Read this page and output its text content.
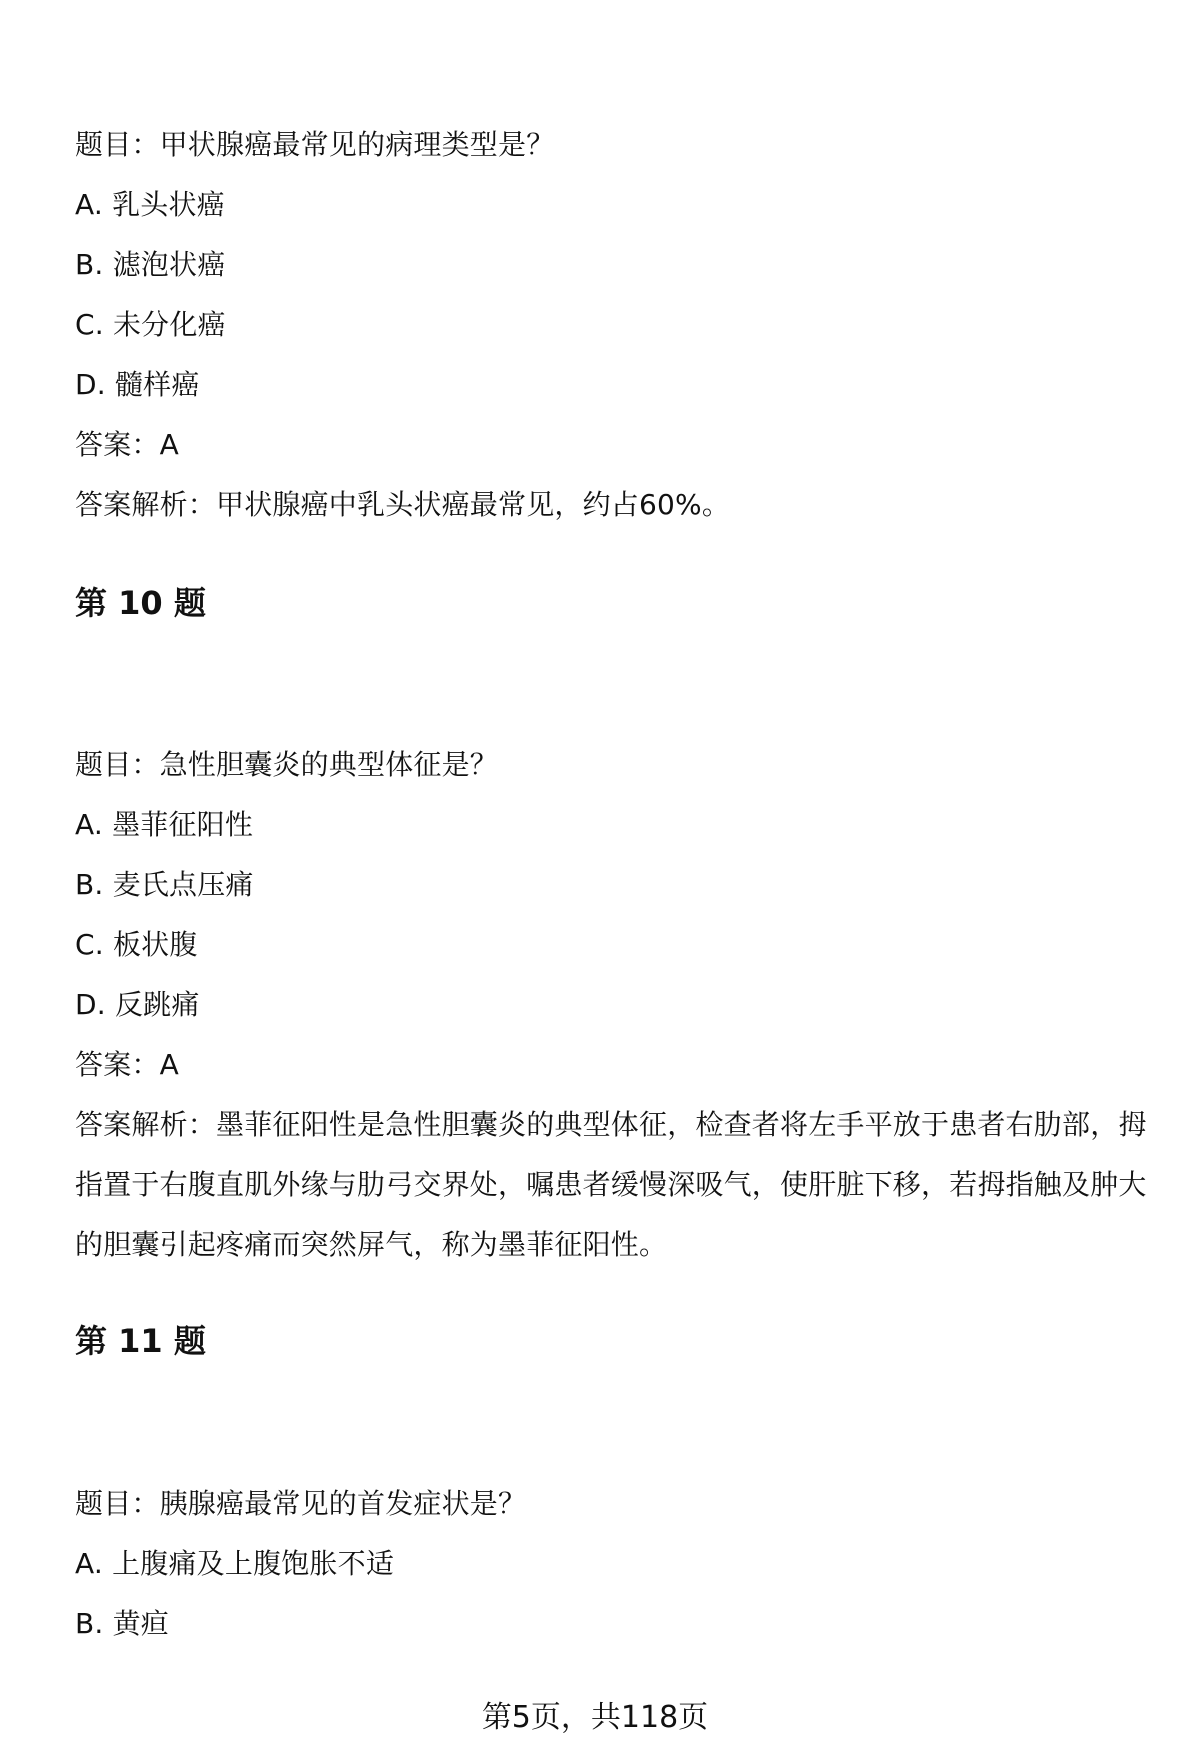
题目：甲状腺癌最常见的病理类型是？
A. 乳头状癌
B. 滤泡状癌
C. 未分化癌
D. 髓样癌
答案：A
答案解析：甲状腺癌中乳头状癌最常见，约占60%。
第 10 题
题目：急性胆囊炎的典型体征是？
A. 墨菲征阳性
B. 麦氏点压痛
C. 板状腹
D. 反跳痛
答案：A
答案解析：墨菲征阳性是急性胆囊炎的典型体征，检查者将左手平放于患者右肋部，拇指置于右腹直肌外缘与肋弓交界处，嘱患者缓慢深吸气，使肝脏下移，若拇指触及肿大的胆囊引起疼痛而突然屏气，称为墨菲征阳性。
第 11 题
题目：胰腺癌最常见的首发症状是？
A. 上腹痛及上腹饱胀不适
B. 黄疸
第5页，共118页
